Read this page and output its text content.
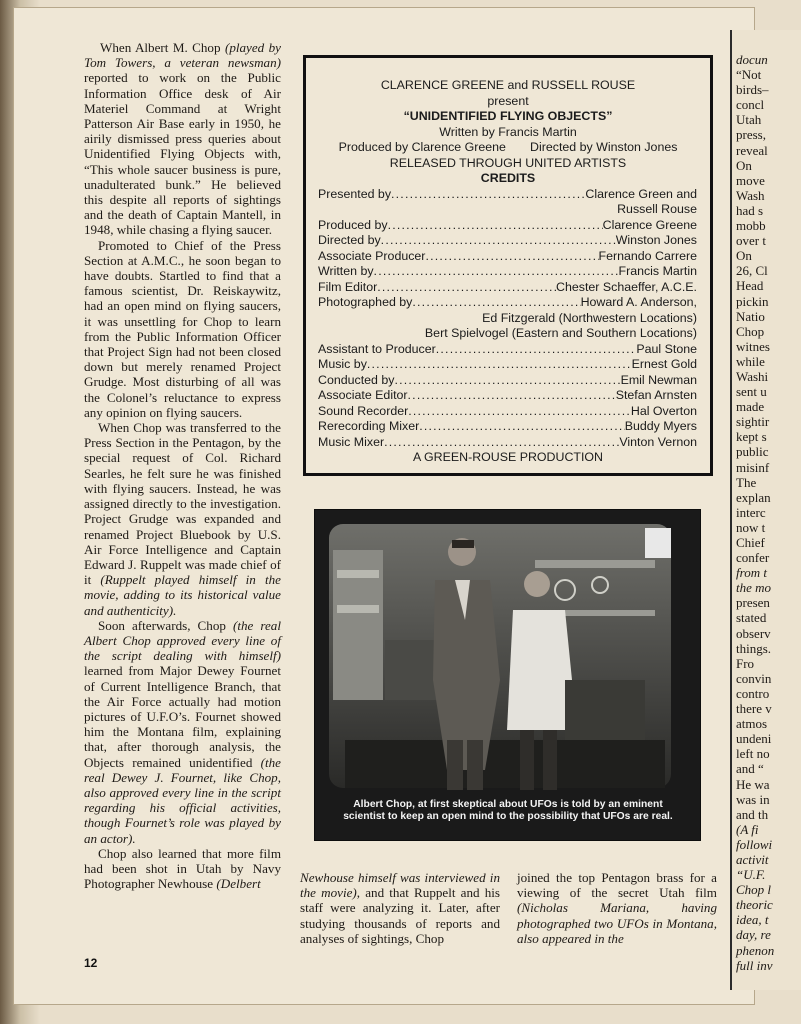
12
docun
“Not
birds–
concl
Utah
press,
reveal
On
move
Wash
had s
mobb
over t
On
26, Cl
Head
pickin
Natio
Chop
witnes
while
Washi
sent u
made
sightir
kept s
public
misinf
The
explan
interc
now t
Chief
confer
from t
the mo
presen
stated
observ
things.
Fro
convin
contro
there v
atmos
undeni
left no
and “
He wa
was in
and th
(A fi
followi
activit
“U.F.
Chop l
theoric
idea, t
day, re
phenon
full inv

When Albert M. Chop (played by Tom Towers, a veteran newsman) reported to work on the Public Information Office desk of Air Materiel Command at Wright Patterson Air Base early in 1950, he airily dismissed press queries about Unidentified Flying Objects with, “This whole saucer business is pure, unadulterated bunk.” He believed this despite all reports of sightings and the death of Captain Mantell, in 1948, while chasing a flying saucer.

Promoted to Chief of the Press Section at A.M.C., he soon began to have doubts. Startled to find that a famous scientist, Dr. Reiskaywitz, had an open mind on flying saucers, it was unsettling for Chop to learn from the Public Information Officer that Project Sign had not been closed down but merely renamed Project Grudge. Most disturbing of all was the Colonel’s reluctance to express any opinion on flying saucers.

When Chop was transferred to the Press Section in the Pentagon, by the special request of Col. Richard Searles, he felt sure he was finished with flying saucers. Instead, he was assigned directly to the investigation. Project Grudge was expanded and renamed Project Bluebook by U.S. Air Force Intelligence and Captain Edward J. Ruppelt was made chief of it (Ruppelt played himself in the movie, adding to its historical value and authenticity).

Soon afterwards, Chop (the real Albert Chop approved every line of the script dealing with himself) learned from Major Dewey Fournet of Current Intelligence Branch, that the Air Force actually had motion pictures of U.F.O’s. Fournet showed him the Montana film, explaining that, after thorough analysis, the Objects remained unidentified (the real Dewey J. Fournet, like Chop, also approved every line in the script regarding his official activities, though Fournet’s role was played by an actor).

Chop also learned that more film had been shot in Utah by Navy Photographer Newhouse (Delbert

CLARENCE GREENE and RUSSELL ROUSE
present
“UNIDENTIFIED FLYING OBJECTS”
Written by Francis Martin
Produced by Clarence Greene       Directed by Winston Jones
RELEASED THROUGH UNITED ARTISTS
CREDITS
Presented by .....	Clarence Green and
Russell Rouse
Produced by .....	Clarence Greene
Directed by .....	Winston Jones
Associate Producer .....	Fernando Carrere
Written by .....	Francis Martin
Film Editor .....	Chester Schaeffer, A.C.E.
Photographed by .....	Howard A. Anderson,
Ed Fitzgerald (Northwestern Locations)
Bert Spielvogel (Eastern and Southern Locations)
Assistant to Producer .....	Paul Stone
Music by .....	Ernest Gold
Conducted by .....	Emil Newman
Associate Editor .....	Stefan Arnsten
Sound Recorder .....	Hal Overton
Rerecording Mixer .....	Buddy Myers
Music Mixer .....	Vinton Vernon
A GREEN-ROUSE PRODUCTION
Albert Chop, at first skeptical about UFOs is told by an eminent scientist to keep an open mind to the possibility that UFOs are real.

Newhouse himself was interviewed in the movie), and that Ruppelt and his staff were analyzing it. Later, after studying thousands of reports and analyses of sightings, Chop

joined the top Pentagon brass for a viewing of the secret Utah film (Nicholas Mariana, having photographed two UFOs in Montana, also appeared in the
